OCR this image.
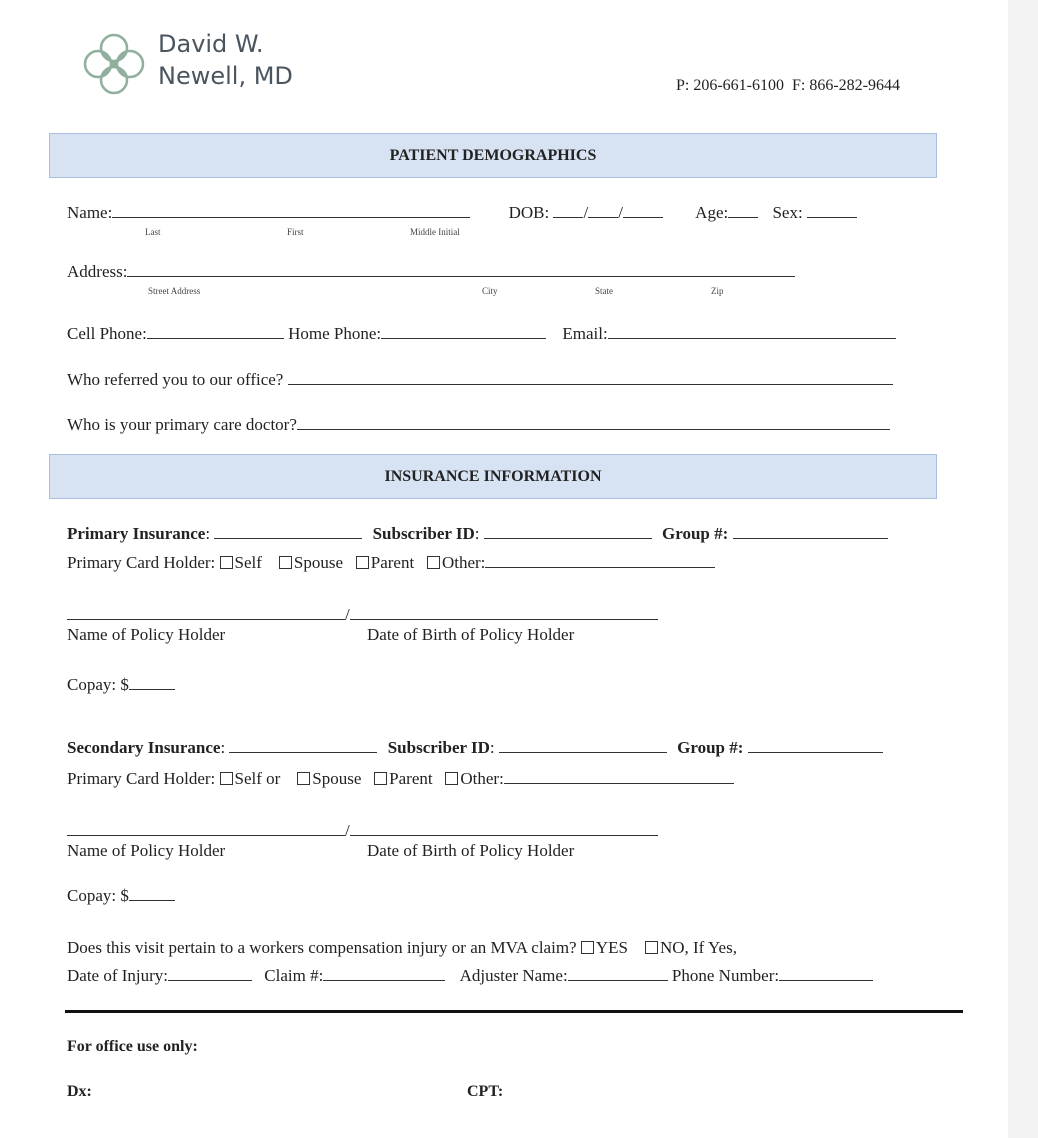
David W.
Newell, MD	P: 206-661-6100 F: 866-282-9644
PATIENT DEMOGRAPHICS
Name:	DOB: / /	Age:	Sex:
Last	First	Middle Initial
Address:
Street Address	City	State	Zip
Cell Phone:	Home Phone:	Email:
Who referred you to our office?
Who is your primary care doctor?
INSURANCE INFORMATION
Primary Insurance:	Subscriber ID:	Group #:
Primary Card Holder: Self Spouse Parent Other:
/
Name of Policy Holder	Date of Birth of Policy Holder
Copay: $
Secondary Insurance:	Subscriber ID:	Group #:
Primary Card Holder: Self or Spouse Parent Other:
/
Name of Policy Holder	Date of Birth of Policy Holder
Copay: $
Does this visit pertain to a workers compensation injury or an MVA claim? YES NO, If Yes,
Date of Injury:	Claim #:	Adjuster Name:	Phone Number:
For office use only:
Dx:	CPT:
